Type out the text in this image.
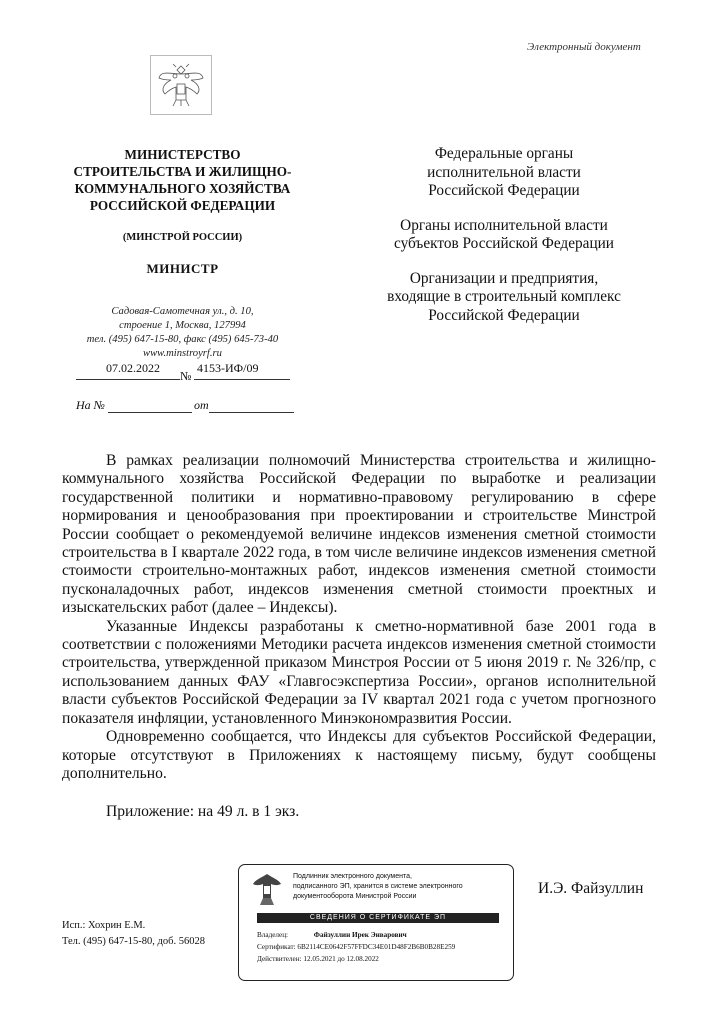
Электронный документ
МИНИСТЕРСТВО
СТРОИТЕЛЬСТВА И ЖИЛИЩНО-
КОММУНАЛЬНОГО ХОЗЯЙСТВА
РОССИЙСКОЙ ФЕДЕРАЦИИ
(МИНСТРОЙ РОССИИ)
МИНИСТР
Садовая-Самотечная ул., д. 10,
строение 1, Москва, 127994
тел. (495) 647-15-80, факс (495) 645-73-40
www.minstroyrf.ru
07.02.2022
№
4153-ИФ/09
На №	от

Федеральные органы
исполнительной власти
Российской Федерации

Органы исполнительной власти
субъектов Российской Федерации

Организации и предприятия,
входящие в строительный комплекс
Российской Федерации

В рамках реализации полномочий Министерства строительства и жилищно-коммунального хозяйства Российской Федерации по выработке и реализации государственной политики и нормативно-правовому регулированию в сфере нормирования и ценообразования при проектировании и строительстве Минстрой России сообщает о рекомендуемой величине индексов изменения сметной стоимости строительства в I квартале 2022 года, в том числе величине индексов изменения сметной стоимости строительно-монтажных работ, индексов изменения сметной стоимости пусконаладочных работ, индексов изменения сметной стоимости проектных и изыскательских работ (далее – Индексы).

Указанные Индексы разработаны к сметно-нормативной базе 2001 года в соответствии с положениями Методики расчета индексов изменения сметной стоимости строительства, утвержденной приказом Минстроя России от 5 июня 2019 г. № 326/пр, с использованием данных ФАУ «Главгосэкспертиза России», органов исполнительной власти субъектов Российской Федерации за IV квартал 2021 года с учетом прогнозного показателя инфляции, установленного Минэкономразвития России.

Одновременно сообщается, что Индексы для субъектов Российской Федерации, которые отсутствуют в Приложениях к настоящему письму, будут сообщены дополнительно.

Приложение: на 49 л. в 1 экз.

Подлинник электронного документа,
подписанного ЭП, хранится в системе электронного
документооборота Министрой России
СВЕДЕНИЯ О СЕРТИФИКАТЕ ЭП
Владелец:	Файзуллин Ирек Энварович
Сертификат: 6B2114CE0642F57FFDC34E01D48F2B6B0B28E259
Действителен: 12.05.2021 до 12.08.2022
И.Э. Файзуллин
Исп.: Хохрин Е.М.
Тел. (495) 647-15-80, доб. 56028
